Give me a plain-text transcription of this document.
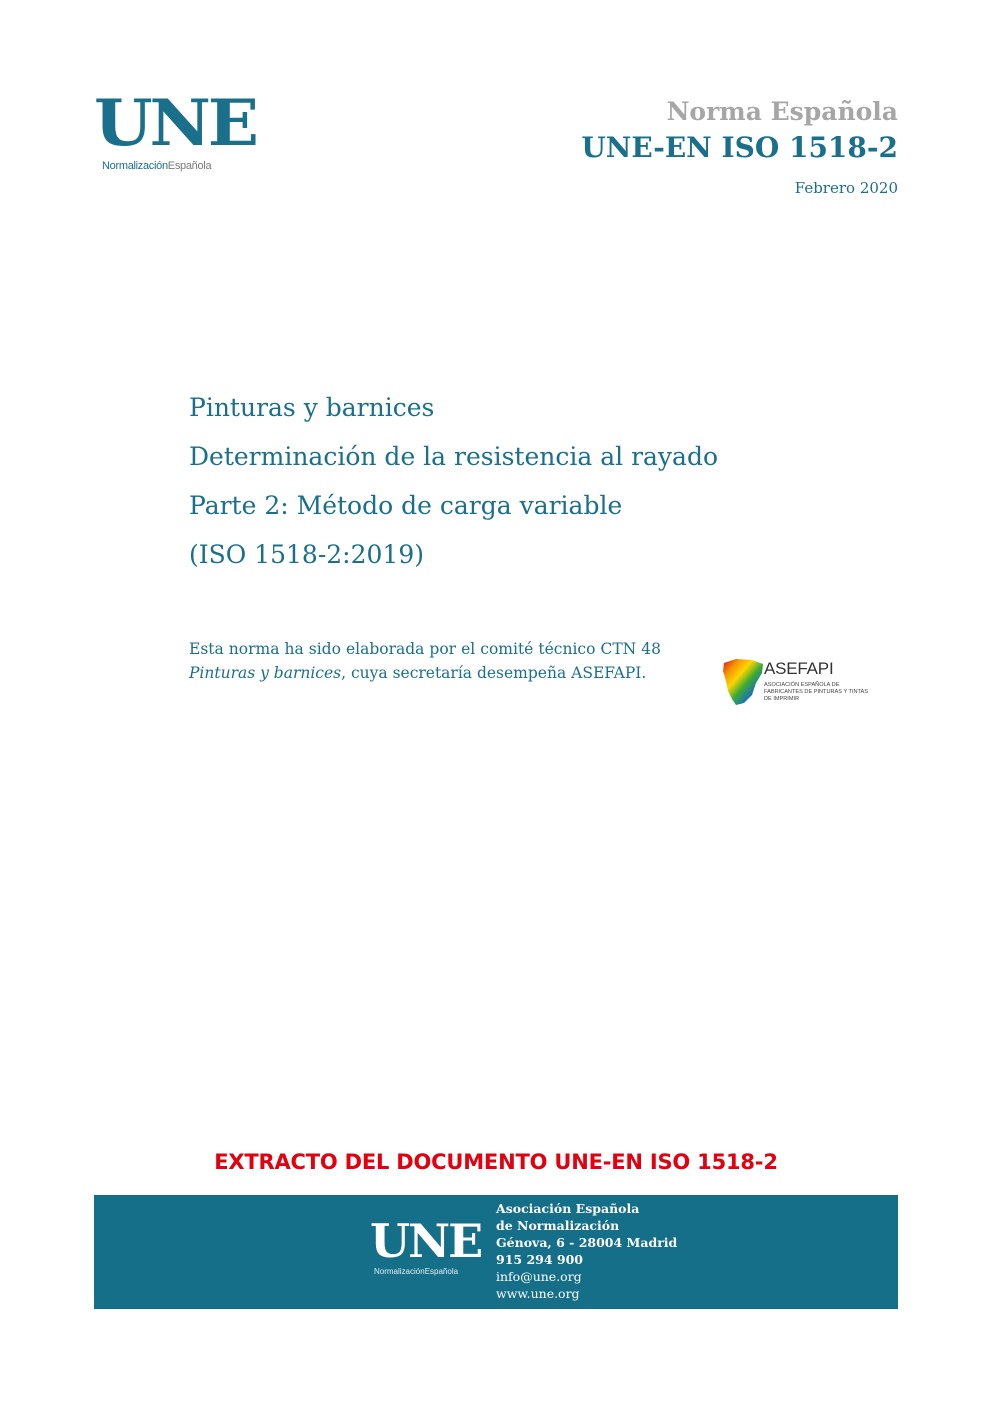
UNE
NormalizaciónEspañola
Norma Española
UNE-EN ISO 1518-2
Febrero 2020
Pinturas y barnices
Determinación de la resistencia al rayado
Parte 2: Método de carga variable
(ISO 1518-2:2019)
Esta norma ha sido elaborada por el comité técnico CTN 48 Pinturas y barnices, cuya secretaría desempeña ASEFAPI.	ASEFAPI
ASOCIACIÓN ESPAÑOLA DE FABRICANTES DE PINTURAS Y TINTAS DE IMPRIMIR
EXTRACTO DEL DOCUMENTO UNE-EN ISO 1518-2
UNE
NormalizaciónEspañola
Asociación Española
de Normalización
Génova, 6 - 28004 Madrid
915 294 900
info@une.org
www.une.org
